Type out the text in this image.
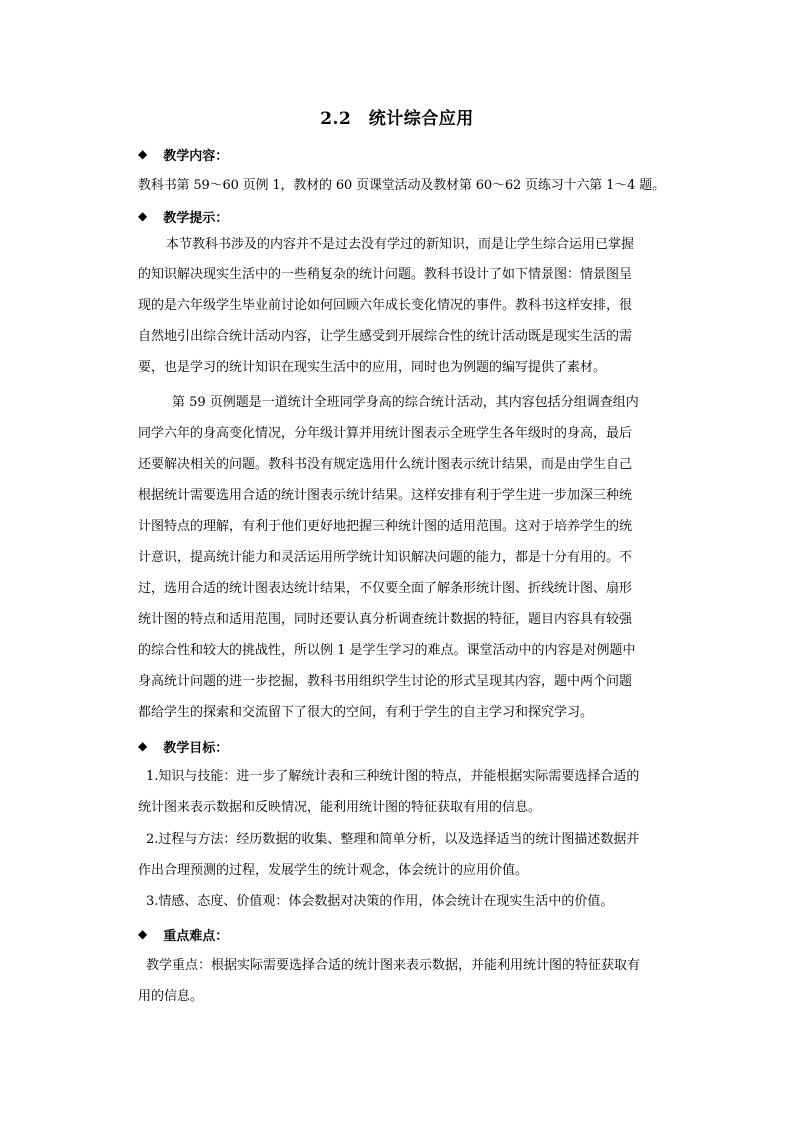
2.2　统计综合应用
◆ 教学内容：
教科书第 59～60 页例 1，教材的 60 页课堂活动及教材第 60～62 页练习十六第 1～4 题。
◆ 教学提示：
本节教科书涉及的内容并不是过去没有学过的新知识，而是让学生综合运用已掌握
的知识解决现实生活中的一些稍复杂的统计问题。教科书设计了如下情景图：情景图呈
现的是六年级学生毕业前讨论如何回顾六年成长变化情况的事件。教科书这样安排，很
自然地引出综合统计活动内容，让学生感受到开展综合性的统计活动既是现实生活的需
要，也是学习的统计知识在现实生活中的应用，同时也为例题的编写提供了素材。
第 59 页例题是一道统计全班同学身高的综合统计活动，其内容包括分组调查组内
同学六年的身高变化情况，分年级计算并用统计图表示全班学生各年级时的身高，最后
还要解决相关的问题。教科书没有规定选用什么统计图表示统计结果，而是由学生自己
根据统计需要选用合适的统计图表示统计结果。这样安排有利于学生进一步加深三种统
计图特点的理解，有利于他们更好地把握三种统计图的适用范围。这对于培养学生的统
计意识，提高统计能力和灵活运用所学统计知识解决问题的能力，都是十分有用的。不
过，选用合适的统计图表达统计结果，不仅要全面了解条形统计图、折线统计图、扇形
统计图的特点和适用范围，同时还要认真分析调查统计数据的特征，题目内容具有较强
的综合性和较大的挑战性，所以例 1 是学生学习的难点。课堂活动中的内容是对例题中
身高统计问题的进一步挖掘，教科书用组织学生讨论的形式呈现其内容，题中两个问题
都给学生的探索和交流留下了很大的空间，有利于学生的自主学习和探究学习。
◆ 教学目标：
1.知识与技能：进一步了解统计表和三种统计图的特点，并能根据实际需要选择合适的
统计图来表示数据和反映情况，能利用统计图的特征获取有用的信息。
2.过程与方法：经历数据的收集、整理和简单分析，以及选择适当的统计图描述数据并
作出合理预测的过程，发展学生的统计观念，体会统计的应用价值。
3.情感、态度、价值观：体会数据对决策的作用，体会统计在现实生活中的价值。
◆ 重点难点：
教学重点：根据实际需要选择合适的统计图来表示数据，并能利用统计图的特征获取有
用的信息。
